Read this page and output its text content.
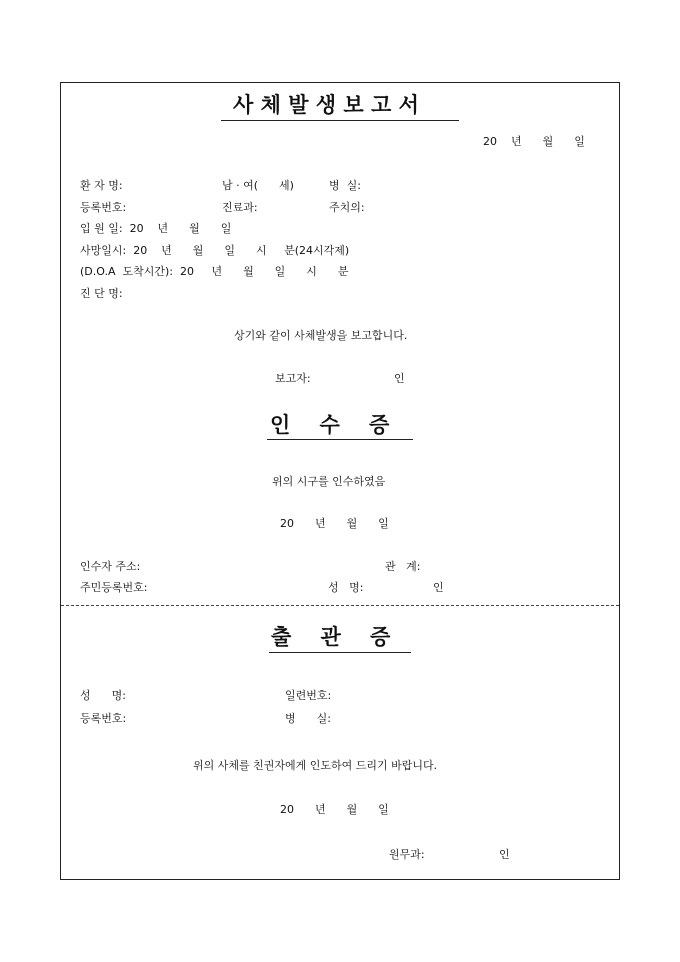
사 체 발 생 보 고 서
20    년      월      일
환 자 명:	남 · 여(      세)	병  실:
등록번호:	진료과:	주치의:
입 원 일:  20    년      월      일
사망일시:  20    년      월      일      시     분(24시각제)
(D.O.A  도착시간):  20     년      월      일      시      분
진 단 명:
상기와 같이 사체발생을 보고합니다.
보고자:	인
인    수    증
위의 시구를 인수하였음
20      년      월      일
인수자 주소:	관   계:
주민등록번호:	성   명:	인
출    관    증
성      명:	일련번호:
등록번호:	병      실:
위의 사체를 친권자에게 인도하여 드리기 바랍니다.
20      년      월      일
원무과:	인
